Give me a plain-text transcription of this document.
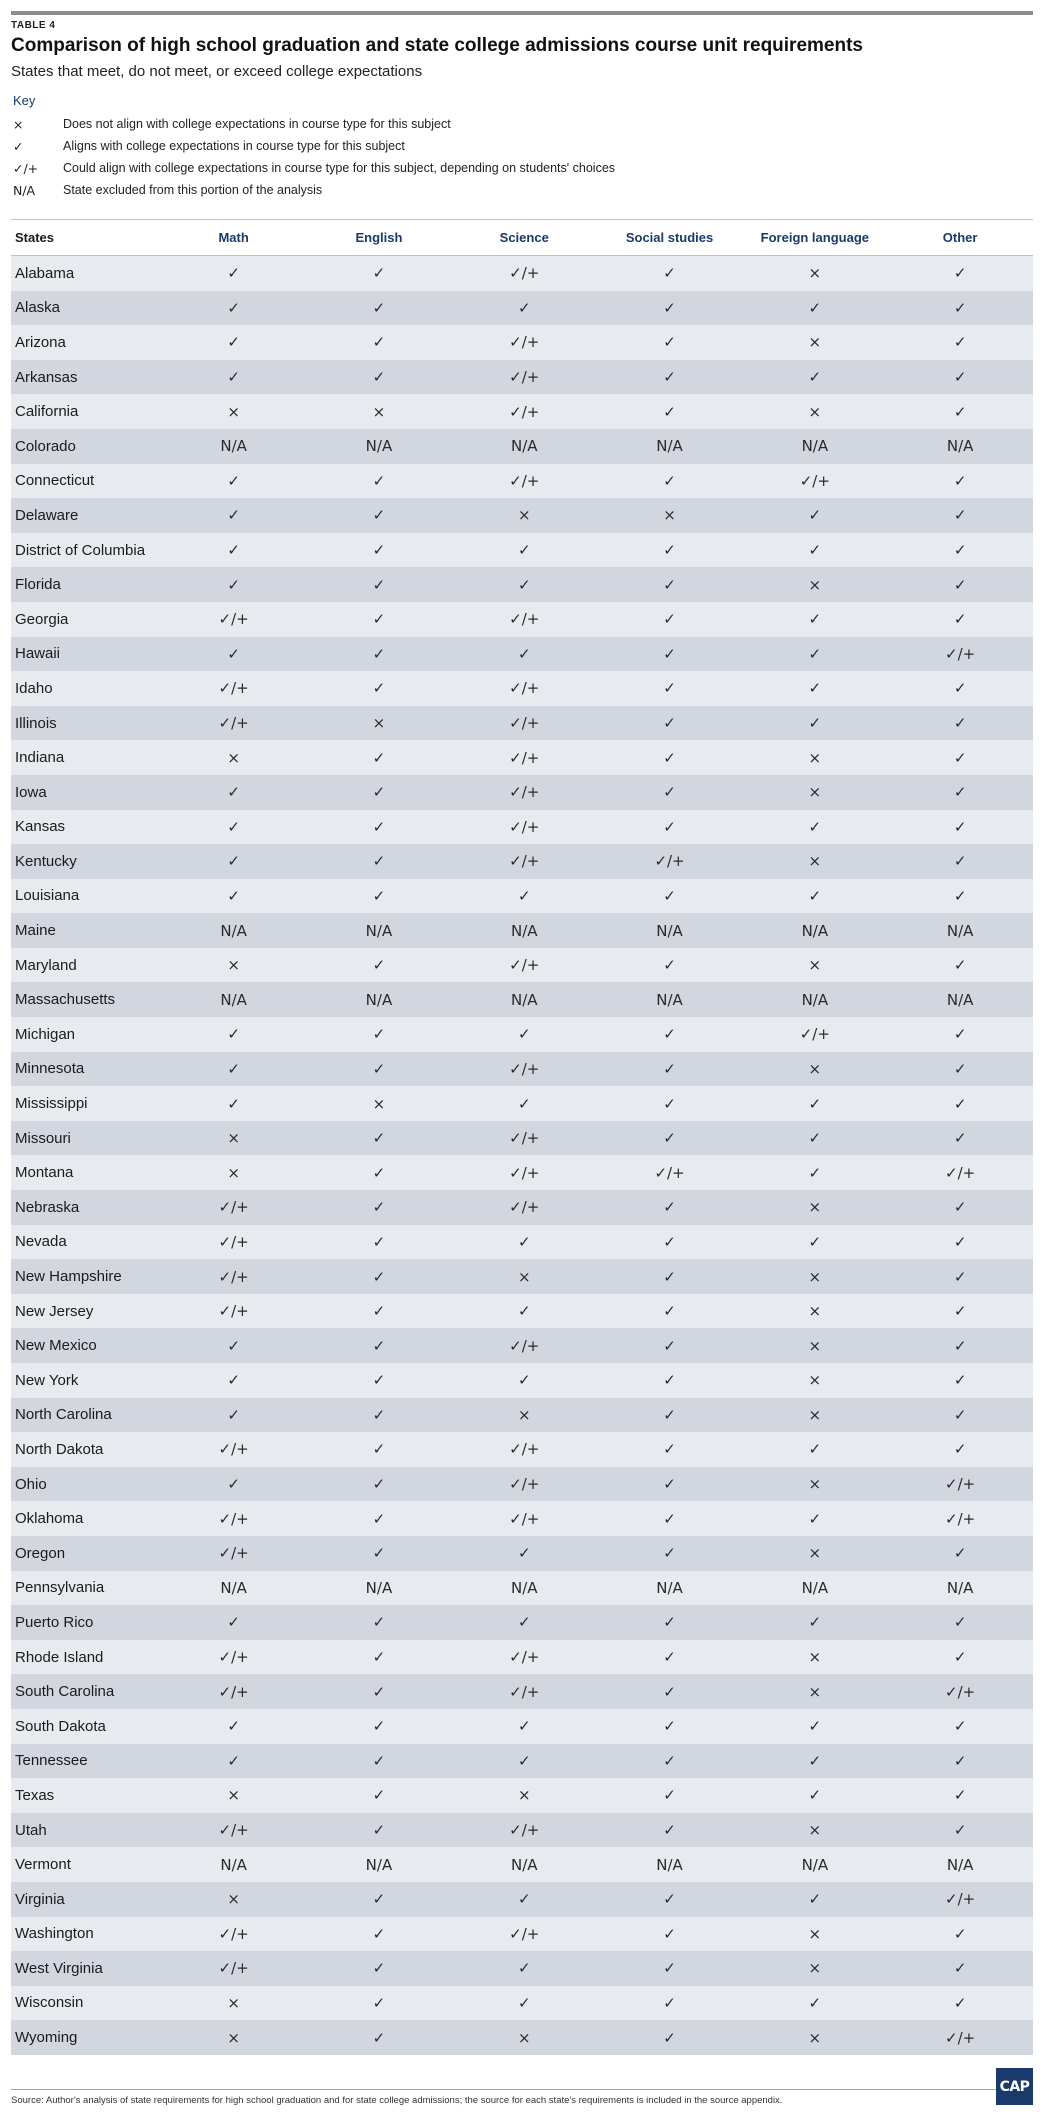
TABLE 4
Comparison of high school graduation and state college admissions course unit requirements
States that meet, do not meet, or exceed college expectations
Key
×	Does not align with college expectations in course type for this subject
✓	Aligns with college expectations in course type for this subject
✓/+	Could align with college expectations in course type for this subject, depending on students' choices
N/A	State excluded from this portion of the analysis
States	Math	English	Science	Social studies	Foreign language	Other
Alabama	✓	✓	✓/+	✓	×	✓
Alaska	✓	✓	✓	✓	✓	✓
Arizona	✓	✓	✓/+	✓	×	✓
Arkansas	✓	✓	✓/+	✓	✓	✓
California	×	×	✓/+	✓	×	✓
Colorado	N/A	N/A	N/A	N/A	N/A	N/A
Connecticut	✓	✓	✓/+	✓	✓/+	✓
Delaware	✓	✓	×	×	✓	✓
District of Columbia	✓	✓	✓	✓	✓	✓
Florida	✓	✓	✓	✓	×	✓
Georgia	✓/+	✓	✓/+	✓	✓	✓
Hawaii	✓	✓	✓	✓	✓	✓/+
Idaho	✓/+	✓	✓/+	✓	✓	✓
Illinois	✓/+	×	✓/+	✓	✓	✓
Indiana	×	✓	✓/+	✓	×	✓
Iowa	✓	✓	✓/+	✓	×	✓
Kansas	✓	✓	✓/+	✓	✓	✓
Kentucky	✓	✓	✓/+	✓/+	×	✓
Louisiana	✓	✓	✓	✓	✓	✓
Maine	N/A	N/A	N/A	N/A	N/A	N/A
Maryland	×	✓	✓/+	✓	×	✓
Massachusetts	N/A	N/A	N/A	N/A	N/A	N/A
Michigan	✓	✓	✓	✓	✓/+	✓
Minnesota	✓	✓	✓/+	✓	×	✓
Mississippi	✓	×	✓	✓	✓	✓
Missouri	×	✓	✓/+	✓	✓	✓
Montana	×	✓	✓/+	✓/+	✓	✓/+
Nebraska	✓/+	✓	✓/+	✓	×	✓
Nevada	✓/+	✓	✓	✓	✓	✓
New Hampshire	✓/+	✓	×	✓	×	✓
New Jersey	✓/+	✓	✓	✓	×	✓
New Mexico	✓	✓	✓/+	✓	×	✓
New York	✓	✓	✓	✓	×	✓
North Carolina	✓	✓	×	✓	×	✓
North Dakota	✓/+	✓	✓/+	✓	✓	✓
Ohio	✓	✓	✓/+	✓	×	✓/+
Oklahoma	✓/+	✓	✓/+	✓	✓	✓/+
Oregon	✓/+	✓	✓	✓	×	✓
Pennsylvania	N/A	N/A	N/A	N/A	N/A	N/A
Puerto Rico	✓	✓	✓	✓	✓	✓
Rhode Island	✓/+	✓	✓/+	✓	×	✓
South Carolina	✓/+	✓	✓/+	✓	×	✓/+
South Dakota	✓	✓	✓	✓	✓	✓
Tennessee	✓	✓	✓	✓	✓	✓
Texas	×	✓	×	✓	✓	✓
Utah	✓/+	✓	✓/+	✓	×	✓
Vermont	N/A	N/A	N/A	N/A	N/A	N/A
Virginia	×	✓	✓	✓	✓	✓/+
Washington	✓/+	✓	✓/+	✓	×	✓
West Virginia	✓/+	✓	✓	✓	×	✓
Wisconsin	×	✓	✓	✓	✓	✓
Wyoming	×	✓	×	✓	×	✓/+
Source: Author's analysis of state requirements for high school graduation and for state college admissions; the source for each state's requirements is included in the source appendix.
CAP
